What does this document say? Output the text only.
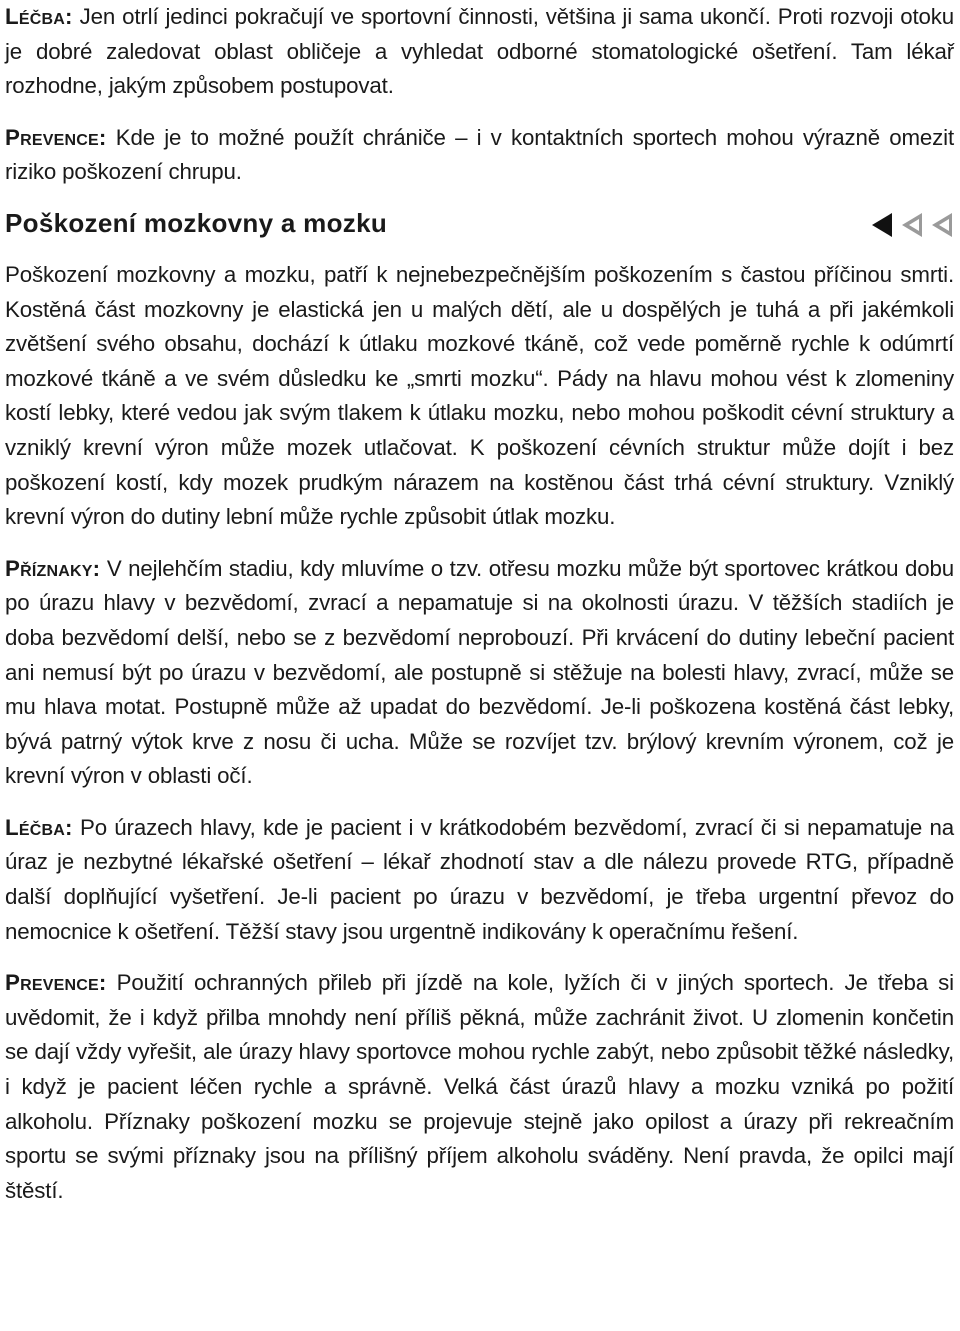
Léčba: Jen otrlí jedinci pokračují ve sportovní činnosti, většina ji sama ukončí. Proti rozvoji otoku je dobré zaledovat oblast obličeje a vyhledat odborné stomatologické ošetření. Tam lékař rozhodne, jakým způsobem postupovat.

Prevence: Kde je to možné použít chrániče – i v kontaktních sportech mohou výrazně omezit riziko poškození chrupu.

Poškození mozkovny a mozku

Poškození mozkovny a mozku, patří k nejnebezpečnějším poškozením s častou příčinou smrti. Kostěná část mozkovny je elastická jen u malých dětí, ale u dospělých je tuhá a při jakémkoli zvětšení svého obsahu, dochází k útlaku mozkové tkáně, což vede poměrně rychle k odúmrtí mozkové tkáně a ve svém důsledku ke „smrti mozku“. Pády na hlavu mohou vést k zlomeniny kostí lebky, které vedou jak svým tlakem k útlaku mozku, nebo mohou poškodit cévní struktury a vzniklý krevní výron může mozek utlačovat. K poškození cévních struktur může dojít i bez poškození kostí, kdy mozek prudkým nárazem na kostěnou část trhá cévní struktury. Vzniklý krevní výron do dutiny lební může rychle způsobit útlak mozku.

Příznaky: V nejlehčím stadiu, kdy mluvíme o tzv. otřesu mozku může být sportovec krátkou dobu po úrazu hlavy v bezvědomí, zvrací a nepamatuje si na okolnosti úrazu. V těžších stadiích je doba bezvědomí delší, nebo se z bezvědomí neprobouzí. Při krvácení do dutiny lebeční pacient ani nemusí být po úrazu v bezvědomí, ale postupně si stěžuje na bolesti hlavy, zvrací, může se mu hlava motat. Postupně může až upadat do bezvědomí. Je-li poškozena kostěná část lebky, bývá patrný výtok krve z nosu či ucha. Může se rozvíjet tzv. brýlový krevním výronem, což je krevní výron v oblasti očí.

Léčba: Po úrazech hlavy, kde je pacient i v krátkodobém bezvědomí, zvrací či si nepamatuje na úraz je nezbytné lékařské ošetření – lékař zhodnotí stav a dle nálezu provede RTG, případně další doplňující vyšetření. Je-li pacient po úrazu v bezvědomí, je třeba urgentní převoz do nemocnice k ošetření. Těžší stavy jsou urgentně indikovány k operačnímu řešení.

Prevence: Použití ochranných přileb při jízdě na kole, lyžích či v jiných sportech. Je třeba si uvědomit, že i když přilba mnohdy není příliš pěkná, může zachránit život. U zlomenin končetin se dají vždy vyřešit, ale úrazy hlavy sportovce mohou rychle zabýt, nebo způsobit těžké následky, i když je pacient léčen rychle a správně. Velká část úrazů hlavy a mozku vzniká po požití alkoholu. Příznaky poškození mozku se projevuje stejně jako opilost a úrazy při rekreačním sportu se svými příznaky jsou na přílišný příjem alkoholu sváděny. Není pravda, že opilci mají štěstí.
